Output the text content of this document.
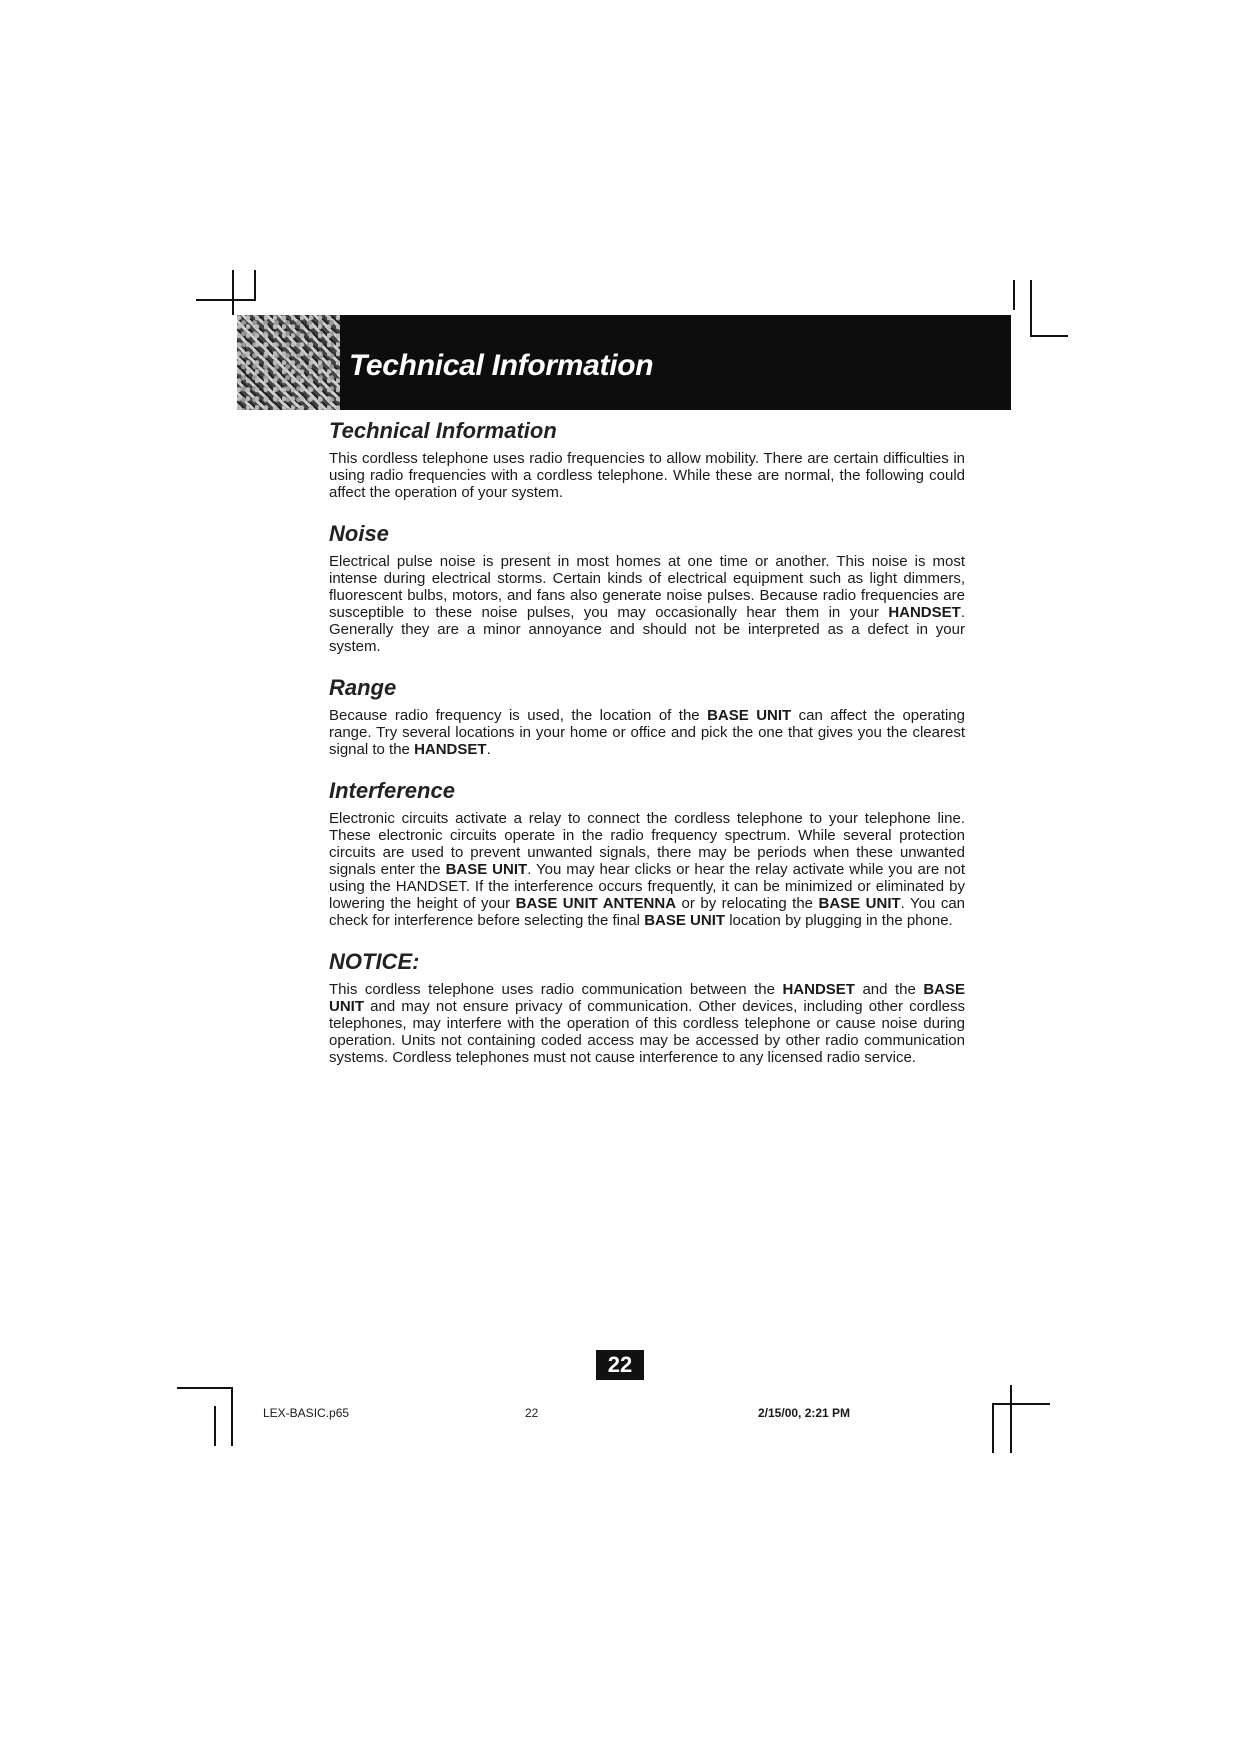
Technical Information
Technical Information

This cordless telephone uses radio frequencies to allow mobility. There are certain difficulties in using radio frequencies with a cordless telephone. While these are normal, the following could affect the operation of your system.

Noise

Electrical pulse noise is present in most homes at one time or another. This noise is most intense during electrical storms. Certain kinds of electrical equipment such as light dimmers, fluorescent bulbs, motors, and fans also generate noise pulses. Because radio frequencies are susceptible to these noise pulses, you may occasionally hear them in your HANDSET. Generally they are a minor annoyance and should not be interpreted as a defect in your system.

Range

Because radio frequency is used, the location of the BASE UNIT can affect the operating range. Try several locations in your home or office and pick the one that gives you the clearest signal to the HANDSET.

Interference

Electronic circuits activate a relay to connect the cordless telephone to your telephone line. These electronic circuits operate in the radio frequency spectrum. While several protection circuits are used to prevent unwanted signals, there may be periods when these unwanted signals enter the BASE UNIT. You may hear clicks or hear the relay activate while you are not using the HANDSET. If the interference occurs frequently, it can be minimized or eliminated by lowering the height of your BASE UNIT ANTENNA or by relocating the BASE UNIT. You can check for interference before selecting the final BASE UNIT location by plugging in the phone.

NOTICE:

This cordless telephone uses radio communication between the HANDSET and the BASE UNIT and may not ensure privacy of communication. Other devices, including other cordless telephones, may interfere with the operation of this cordless telephone or cause noise during operation. Units not containing coded access may be accessed by other radio communication systems. Cordless telephones must not cause interference to any licensed radio service.

22
LEX-BASIC.p65	22	2/15/00, 2:21 PM
